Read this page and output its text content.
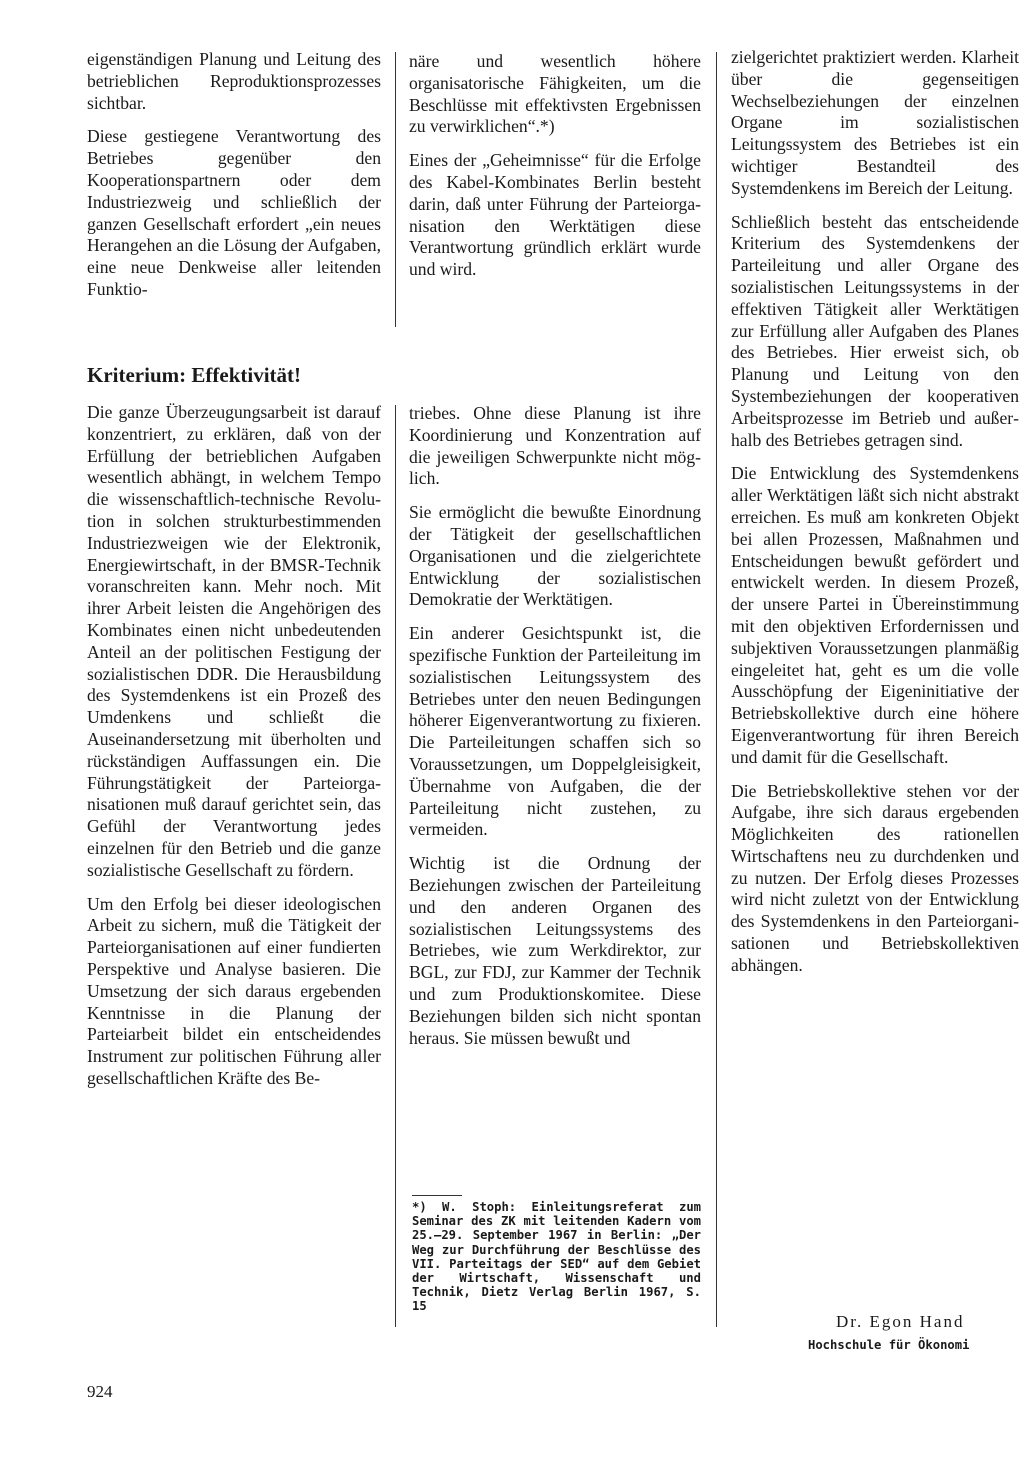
eigenständigen Planung und Leitung des betrieblichen Reproduktionsprozesses sichtbar.

Diese gestiegene Verantwortung des Betriebes gegenüber den Kooperationspartnern oder dem Industriezweig und schließlich der ganzen Gesellschaft erfordert „ein neues Herangehen an die Lösung der Aufgaben, eine neue Denkweise aller leitenden Funktio-

näre und wesentlich höhere organisatorische Fähigkeiten, um die Beschlüsse mit effektivsten Ergebnissen zu verwirklichen“.*)

Eines der „Geheimnisse“ für die Erfolge des Kabel-Kombinates Berlin besteht darin, daß unter Führung der Parteiorganisation den Werktätigen diese Verantwortung gründlich erklärt wurde und wird.

Kriterium: Effektivität!

Die ganze Überzeugungsarbeit ist darauf konzentriert, zu erklären, daß von der Erfüllung der betrieblichen Aufgaben wesentlich abhängt, in welchem Tempo die wissenschaftlich-technische Revolution in solchen strukturbestimmenden Industriezweigen wie der Elektronik, Energiewirtschaft, in der BMSR-Technik voranschreiten kann. Mehr noch. Mit ihrer Arbeit leisten die Angehörigen des Kombinates einen nicht unbedeutenden Anteil an der politischen Festigung der sozialistischen DDR. Die Herausbildung des Systemdenkens ist ein Prozeß des Umdenkens und schließt die Auseinandersetzung mit überholten und rückständigen Auffassungen ein. Die Führungstätigkeit der Parteiorganisationen muß darauf gerichtet sein, das Gefühl der Verantwortung jedes einzelnen für den Betrieb und die ganze sozialistische Gesellschaft zu fördern.

Um den Erfolg bei dieser ideologischen Arbeit zu sichern, muß die Tätigkeit der Parteiorganisationen auf einer fundierten Perspektive und Analyse basieren. Die Umsetzung der sich daraus ergebenden Kenntnisse in die Planung der Parteiarbeit bildet ein entscheidendes Instrument zur politischen Führung aller gesellschaftlichen Kräfte des Be-

triebes. Ohne diese Planung ist ihre Koordinierung und Konzentration auf die jeweiligen Schwerpunkte nicht möglich.

Sie ermöglicht die bewußte Einordnung der Tätigkeit der gesellschaftlichen Organisationen und die zielgerichtete Entwicklung der sozialistischen Demokratie der Werktätigen.

Ein anderer Gesichtspunkt ist, die spezifische Funktion der Parteileitung im sozialistischen Leitungssystem des Betriebes unter den neuen Bedingungen höherer Eigenverantwortung zu fixieren. Die Parteileitungen schaffen sich so Voraussetzungen, um Doppelgleisigkeit, Übernahme von Aufgaben, die der Parteileitung nicht zustehen, zu vermeiden.

Wichtig ist die Ordnung der Beziehungen zwischen der Parteileitung und den anderen Organen des sozialistischen Leitungssystems des Betriebes, wie zum Werkdirektor, zur BGL, zur FDJ, zur Kammer der Technik und zum Produktionskomitee. Diese Beziehungen bilden sich nicht spontan heraus. Sie müssen bewußt und

*) W. Stoph: Einleitungsreferat zum Seminar des ZK mit leitenden Kadern vom 25.–29. September 1967 in Berlin: „Der Weg zur Durchführung der Beschlüsse des VII. Parteitags der SED“ auf dem Gebiet der Wirtschaft, Wissenschaft und Technik, Dietz Verlag Berlin 1967, S. 15

zielgerichtet praktiziert werden. Klarheit über die gegenseitigen Wechselbeziehungen der einzelnen Organe im sozialistischen Leitungssystem des Betriebes ist ein wichtiger Bestandteil des Systemdenkens im Bereich der Leitung.

Schließlich besteht das entscheidende Kriterium des Systemdenkens der Parteileitung und aller Organe des sozialistischen Leitungssystems in der effektiven Tätigkeit aller Werktätigen zur Erfüllung aller Aufgaben des Planes des Betriebes. Hier erweist sich, ob Planung und Leitung von den Systembeziehungen der kooperativen Arbeitsprozesse im Betrieb und außerhalb des Betriebes getragen sind.

Die Entwicklung des Systemdenkens aller Werktätigen läßt sich nicht abstrakt erreichen. Es muß am konkreten Objekt bei allen Prozessen, Maßnahmen und Entscheidungen bewußt gefördert und entwickelt werden. In diesem Prozeß, der unsere Partei in Übereinstimmung mit den objektiven Erfordernissen und subjektiven Voraussetzungen planmäßig eingeleitet hat, geht es um die volle Ausschöpfung der Eigeninitiative der Betriebskollektive durch eine höhere Eigenverantwortung für ihren Bereich und damit für die Gesellschaft.

Die Betriebskollektive stehen vor der Aufgabe, ihre sich daraus ergebenden Möglichkeiten des rationellen Wirtschaftens neu zu durchdenken und zu nutzen. Der Erfolg dieses Prozesses wird nicht zuletzt von der Entwicklung des Systemdenkens in den Parteiorganisationen und Betriebskollektiven abhängen.

Dr. Egon Hand
Hochschule für Ökonomi
924
